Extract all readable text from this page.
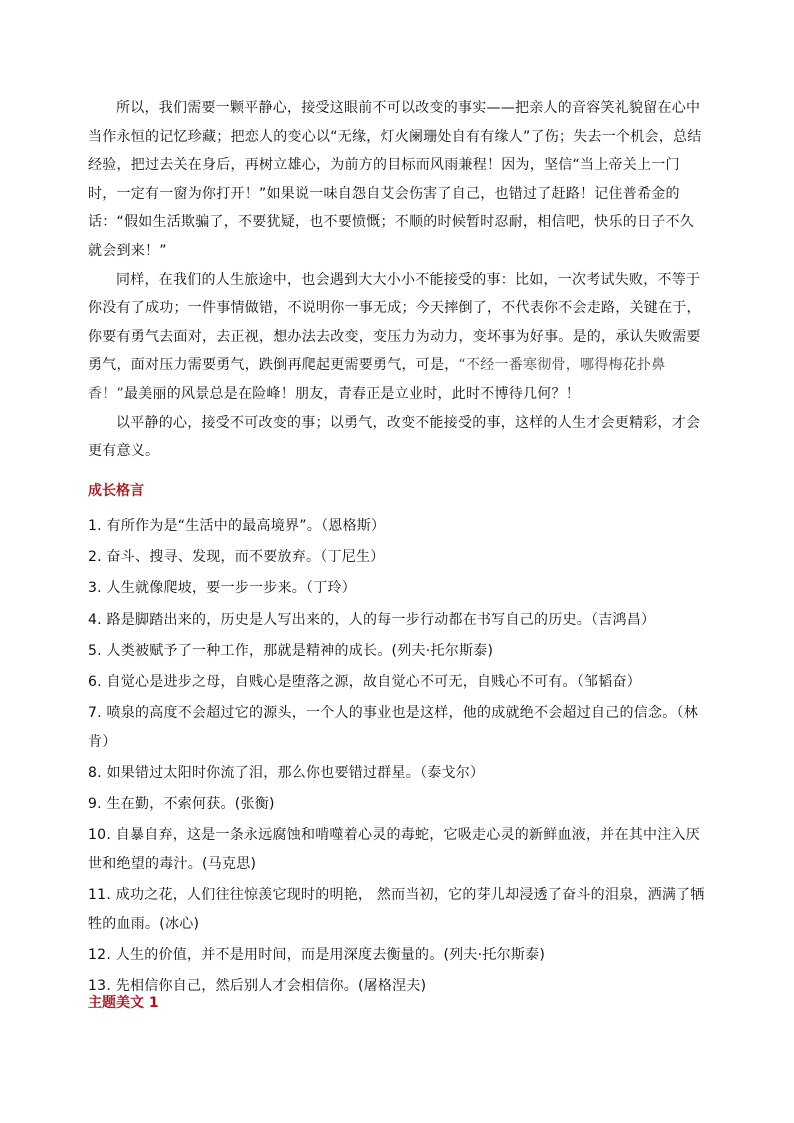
所以，我们需要一颗平静心，接受这眼前不可以改变的事实——把亲人的音容笑礼貌留在心中当作永恒的记忆珍藏；把恋人的变心以“无缘，灯火阑珊处自有有缘人”了伤；失去一个机会，总结经验，把过去关在身后，再树立雄心，为前方的目标而风雨兼程！因为，坚信“当上帝关上一门时，一定有一窗为你打开！”如果说一味自怨自艾会伤害了自己，也错过了赶路！记住普希金的话：“假如生活欺骗了，不要犹疑，也不要愤慨；不顺的时候暂时忍耐，相信吧，快乐的日子不久就会到来！”

同样，在我们的人生旅途中，也会遇到大大小小不能接受的事：比如，一次考试失败，不等于你没有了成功；一件事情做错，不说明你一事无成；今天摔倒了，不代表你不会走路，关键在于，你要有勇气去面对，去正视，想办法去改变，变压力为动力，变坏事为好事。是的，承认失败需要勇气，面对压力需要勇气，跌倒再爬起更需要勇气，可是，“不经一番寒彻骨，哪得梅花扑鼻香！”最美丽的风景总是在险峰！朋友，青春正是立业时，此时不博待几何？！

以平静的心，接受不可改变的事；以勇气，改变不能接受的事，这样的人生才会更精彩，才会更有意义。

成长格言
1. 有所作为是“生活中的最高境界”。（恩格斯）
2. 奋斗、搜寻、发现，而不要放弃。（丁尼生）
3. 人生就像爬坡，要一步一步来。（丁玲）
4. 路是脚踏出来的，历史是人写出来的，人的每一步行动都在书写自己的历史。（吉鸿昌）
5. 人类被赋予了一种工作，那就是精神的成长。(列夫·托尔斯泰)
6. 自觉心是进步之母，自贱心是堕落之源，故自觉心不可无，自贱心不可有。（邹韬奋）
7. 喷泉的高度不会超过它的源头，一个人的事业也是这样，他的成就绝不会超过自己的信念。（林肯）
8. 如果错过太阳时你流了泪，那么你也要错过群星。（泰戈尔）
9. 生在勤，不索何获。(张衡)
10. 自暴自弃，这是一条永远腐蚀和啃噬着心灵的毒蛇，它吸走心灵的新鲜血液，并在其中注入厌世和绝望的毒汁。(马克思)
11. 成功之花，人们往往惊羡它现时的明艳， 然而当初，它的芽儿却浸透了奋斗的泪泉，洒满了牺牲的血雨。(冰心)
12. 人生的价值，并不是用时间，而是用深度去衡量的。(列夫·托尔斯泰)
13. 先相信你自己，然后别人才会相信你。(屠格涅夫)
主题美文 1
